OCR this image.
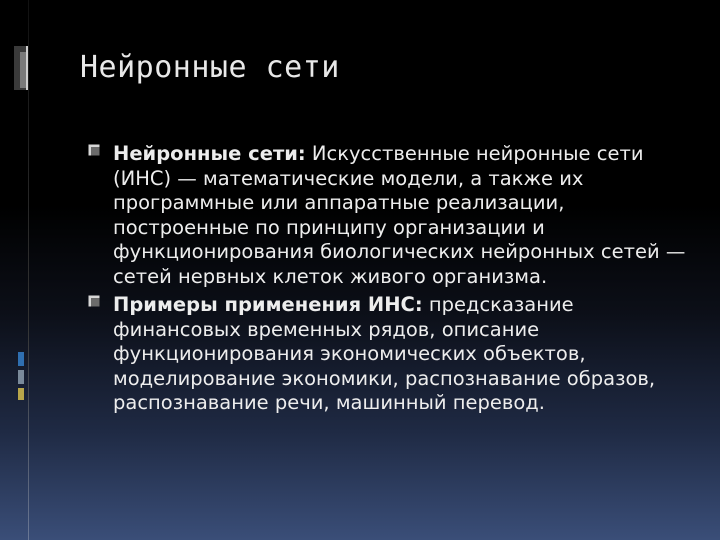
Нейронные сети

Нейронные сети: Искусственные нейронные сети (ИНС) — математические модели, а также их программные или аппаратные реализации, построенные по принципу организации и функционирования биологических нейронных сетей — сетей нервных клеток живого организма.

Примеры применения ИНС: предсказание финансовых временных рядов, описание функционирования экономических объектов, моделирование экономики, распознавание образов, распознавание речи, машинный перевод.
